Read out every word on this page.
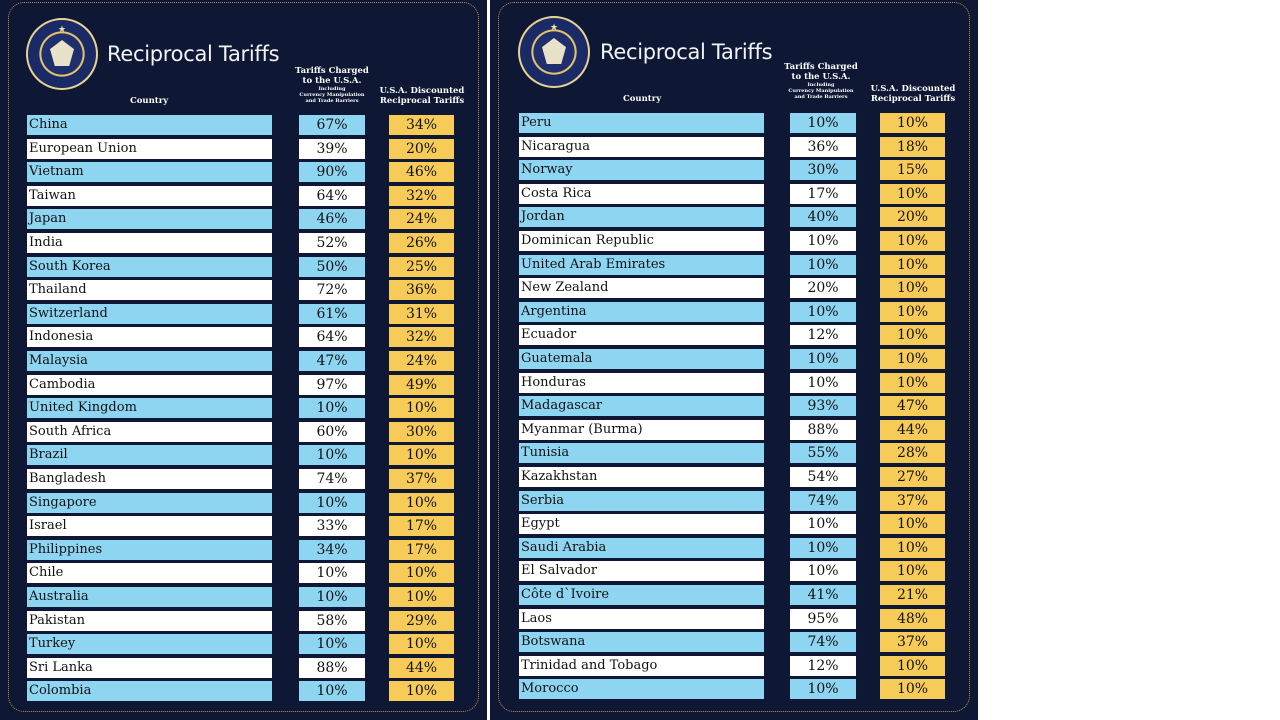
★
Reciprocal Tariffs
Country
Tariffs Charged
to the U.S.A.
Including
Currency Manipulation
and Trade Barriers
U.S.A. Discounted
Reciprocal Tariffs
China	67%	34%
European Union	39%	20%
Vietnam	90%	46%
Taiwan	64%	32%
Japan	46%	24%
India	52%	26%
South Korea	50%	25%
Thailand	72%	36%
Switzerland	61%	31%
Indonesia	64%	32%
Malaysia	47%	24%
Cambodia	97%	49%
United Kingdom	10%	10%
South Africa	60%	30%
Brazil	10%	10%
Bangladesh	74%	37%
Singapore	10%	10%
Israel	33%	17%
Philippines	34%	17%
Chile	10%	10%
Australia	10%	10%
Pakistan	58%	29%
Turkey	10%	10%
Sri Lanka	88%	44%
Colombia	10%	10%
★
Reciprocal Tariffs
Country
Tariffs Charged
to the U.S.A.
Including
Currency Manipulation
and Trade Barriers
U.S.A. Discounted
Reciprocal Tariffs
Peru	10%	10%
Nicaragua	36%	18%
Norway	30%	15%
Costa Rica	17%	10%
Jordan	40%	20%
Dominican Republic	10%	10%
United Arab Emirates	10%	10%
New Zealand	20%	10%
Argentina	10%	10%
Ecuador	12%	10%
Guatemala	10%	10%
Honduras	10%	10%
Madagascar	93%	47%
Myanmar (Burma)	88%	44%
Tunisia	55%	28%
Kazakhstan	54%	27%
Serbia	74%	37%
Egypt	10%	10%
Saudi Arabia	10%	10%
El Salvador	10%	10%
Côte d`Ivoire	41%	21%
Laos	95%	48%
Botswana	74%	37%
Trinidad and Tobago	12%	10%
Morocco	10%	10%
